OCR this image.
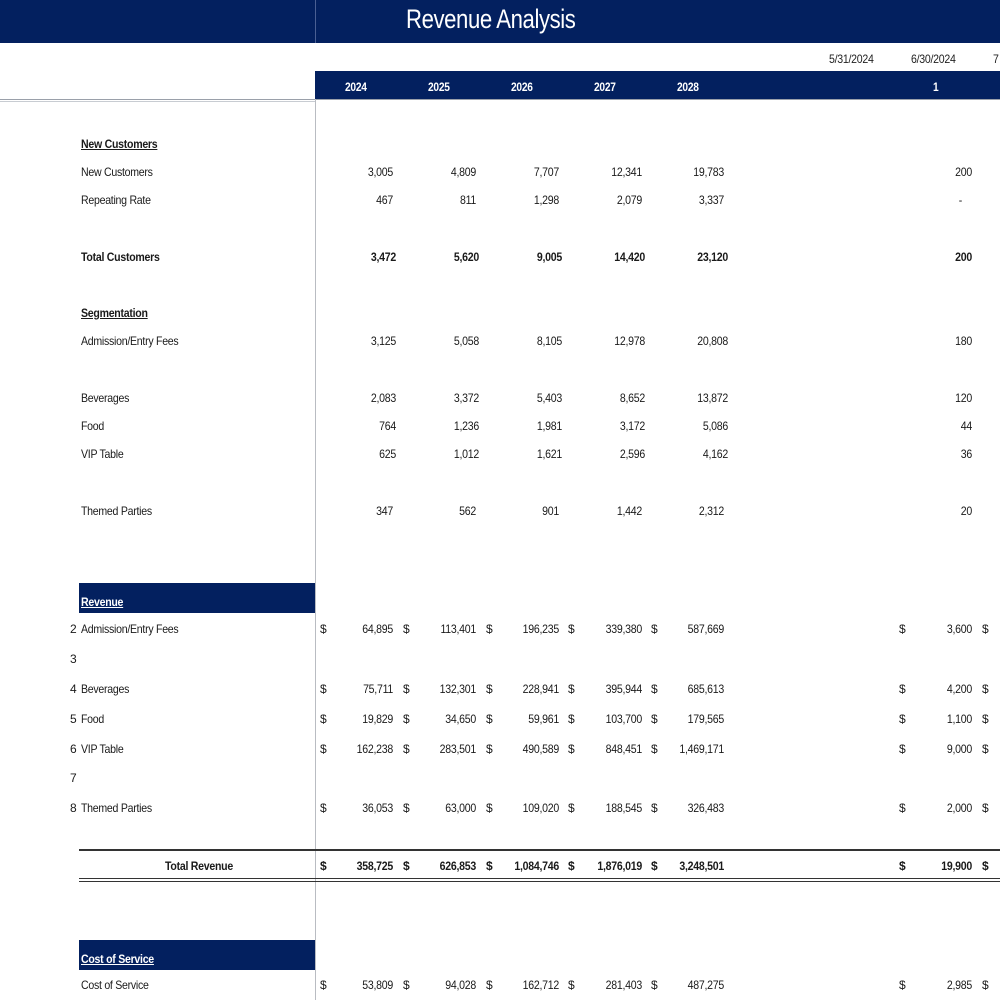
Revenue Analysis
5/31/2024	6/30/2024	7
2024	2025	2026	2027	2028	1
New Customers
New Customers	3,005	4,809	7,707	12,341	19,783	200
Repeating Rate	467	811	1,298	2,079	3,337	-
Total Customers	3,472	5,620	9,005	14,420	23,120	200
Segmentation
Admission/Entry Fees	3,125	5,058	8,105	12,978	20,808	180
Beverages	2,083	3,372	5,403	8,652	13,872	120
Food	764	1,236	1,981	3,172	5,086	44
VIP Table	625	1,012	1,621	2,596	4,162	36
Themed Parties	347	562	901	1,442	2,312	20
Revenue
2 Admission/Entry Fees	$	64,895 $	113,401 $	196,235 $	339,380 $	587,669	$	3,600 $
3
4 Beverages	$	75,711 $	132,301 $	228,941 $	395,944 $	685,613	$	4,200 $
5 Food	$	19,829 $	34,650 $	59,961 $	103,700 $	179,565	$	1,100 $
6 VIP Table	$	162,238 $	283,501 $	490,589 $	848,451 $	1,469,171	$	9,000 $
7
8 Themed Parties	$	36,053 $	63,000 $	109,020 $	188,545 $	326,483	$	2,000 $
Total Revenue	$	358,725 $	626,853 $	1,084,746 $	1,876,019 $	3,248,501	$	19,900 $
Cost of Service
Cost of Service	$	53,809 $	94,028 $	162,712 $	281,403 $	487,275	$	2,985 $
